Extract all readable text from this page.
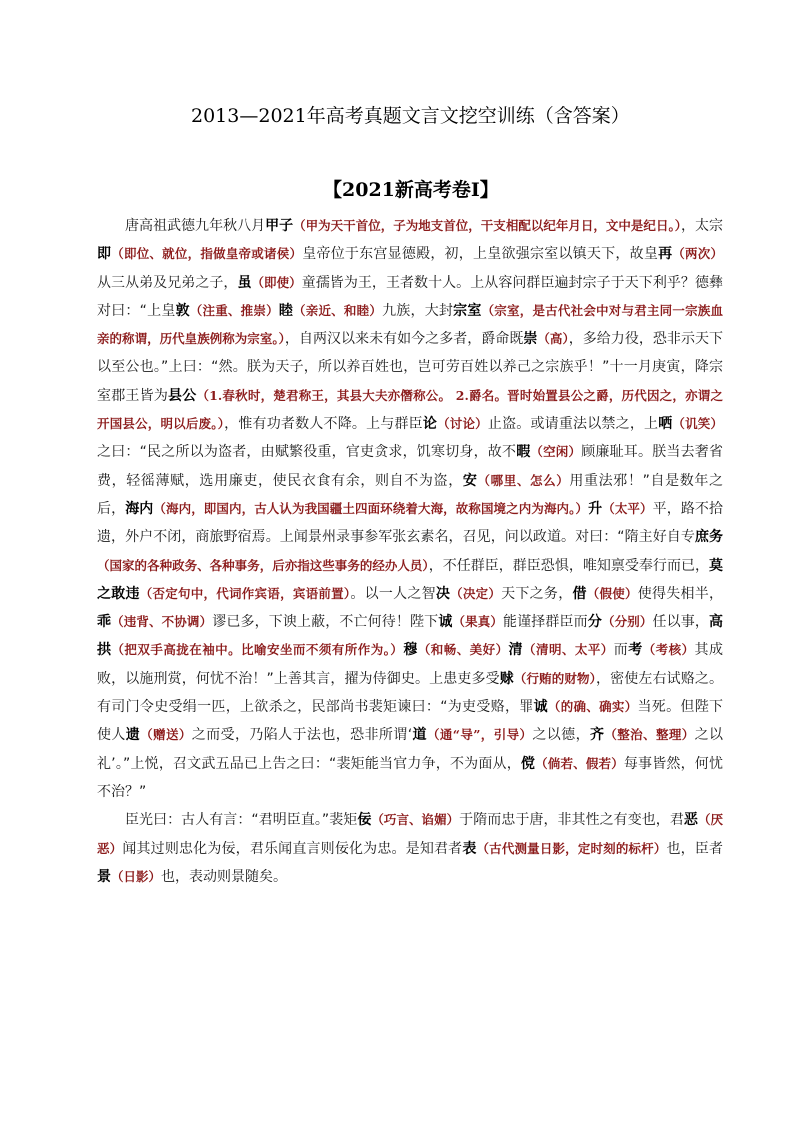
2013—2021年高考真题文言文挖空训练（含答案）
【2021新高考卷Ⅰ】

唐高祖武德九年秋八月甲子（甲为天干首位，子为地支首位，干支相配以纪年月日，文中是纪日。），太宗即（即位、就位，指做皇帝或诸侯）皇帝位于东宫显德殿，初，上皇欲强宗室以镇天下，故皇再（两次）从三从弟及兄弟之子，虽（即使）童孺皆为王，王者数十人。上从容问群臣遍封宗子于天下利乎？德彝对曰：“上皇敦（注重、推崇）睦（亲近、和睦）九族，大封宗室（宗室，是古代社会中对与君主同一宗族血亲的称谓，历代皇族例称为宗室。），自两汉以来未有如今之多者，爵命既崇（高），多给力役，恐非示天下以至公也。”上曰：“然。朕为天子，所以养百姓也，岂可劳百姓以养己之宗族乎！”十一月庚寅，降宗室郡王皆为县公（1.春秋时，楚君称王，其县大夫亦僭称公。 2.爵名。晋时始置县公之爵，历代因之，亦谓之开国县公，明以后废。），惟有功者数人不降。上与群臣论（讨论）止盗。或请重法以禁之，上哂（讥笑）之曰：“民之所以为盗者，由赋繁役重，官吏贪求，饥寒切身，故不暇（空闲）顾廉耻耳。朕当去奢省费，轻徭薄赋，选用廉吏，使民衣食有余，则自不为盗，安（哪里、怎么）用重法邪！”自是数年之后，海内（海内，即国内，古人认为我国疆土四面环绕着大海，故称国境之内为海内。）升（太平）平，路不拾遗，外户不闭，商旅野宿焉。上闻景州录事参军张玄素名，召见，问以政道。对曰：“隋主好自专庶务（国家的各种政务、各种事务，后亦指这些事务的经办人员），不任群臣，群臣恐惧，唯知禀受奉行而已，莫之敢违（否定句中，代词作宾语，宾语前置）。以一人之智决（决定）天下之务，借（假使）使得失相半，乖（违背、不协调）谬已多，下谀上蔽，不亡何待！陛下诚（果真）能谨择群臣而分（分别）任以事，高拱（把双手高拢在袖中。比喻安坐而不须有所作为。）穆（和畅、美好）清（清明、太平）而考（考核）其成败，以施刑赏，何忧不治！”上善其言，擢为侍御史。上患吏多受赇（行贿的财物），密使左右试赂之。有司门令史受绢一匹，上欲杀之，民部尚书裴矩谏曰：“为吏受赂，罪诚（的确、确实）当死。但陛下使人遗（赠送）之而受，乃陷人于法也，恐非所谓‘道（通“导”，引导）之以德，齐（整治、整理）之以礼’。”上悦，召文武五品已上告之曰：“裴矩能当官力争，不为面从，傥（倘若、假若）每事皆然，何忧不治？”

臣光曰：古人有言：“君明臣直。”裴矩佞（巧言、谄媚）于隋而忠于唐，非其性之有变也，君恶（厌恶）闻其过则忠化为佞，君乐闻直言则佞化为忠。是知君者表（古代测量日影，定时刻的标杆）也，臣者景（日影）也，表动则景随矣。
